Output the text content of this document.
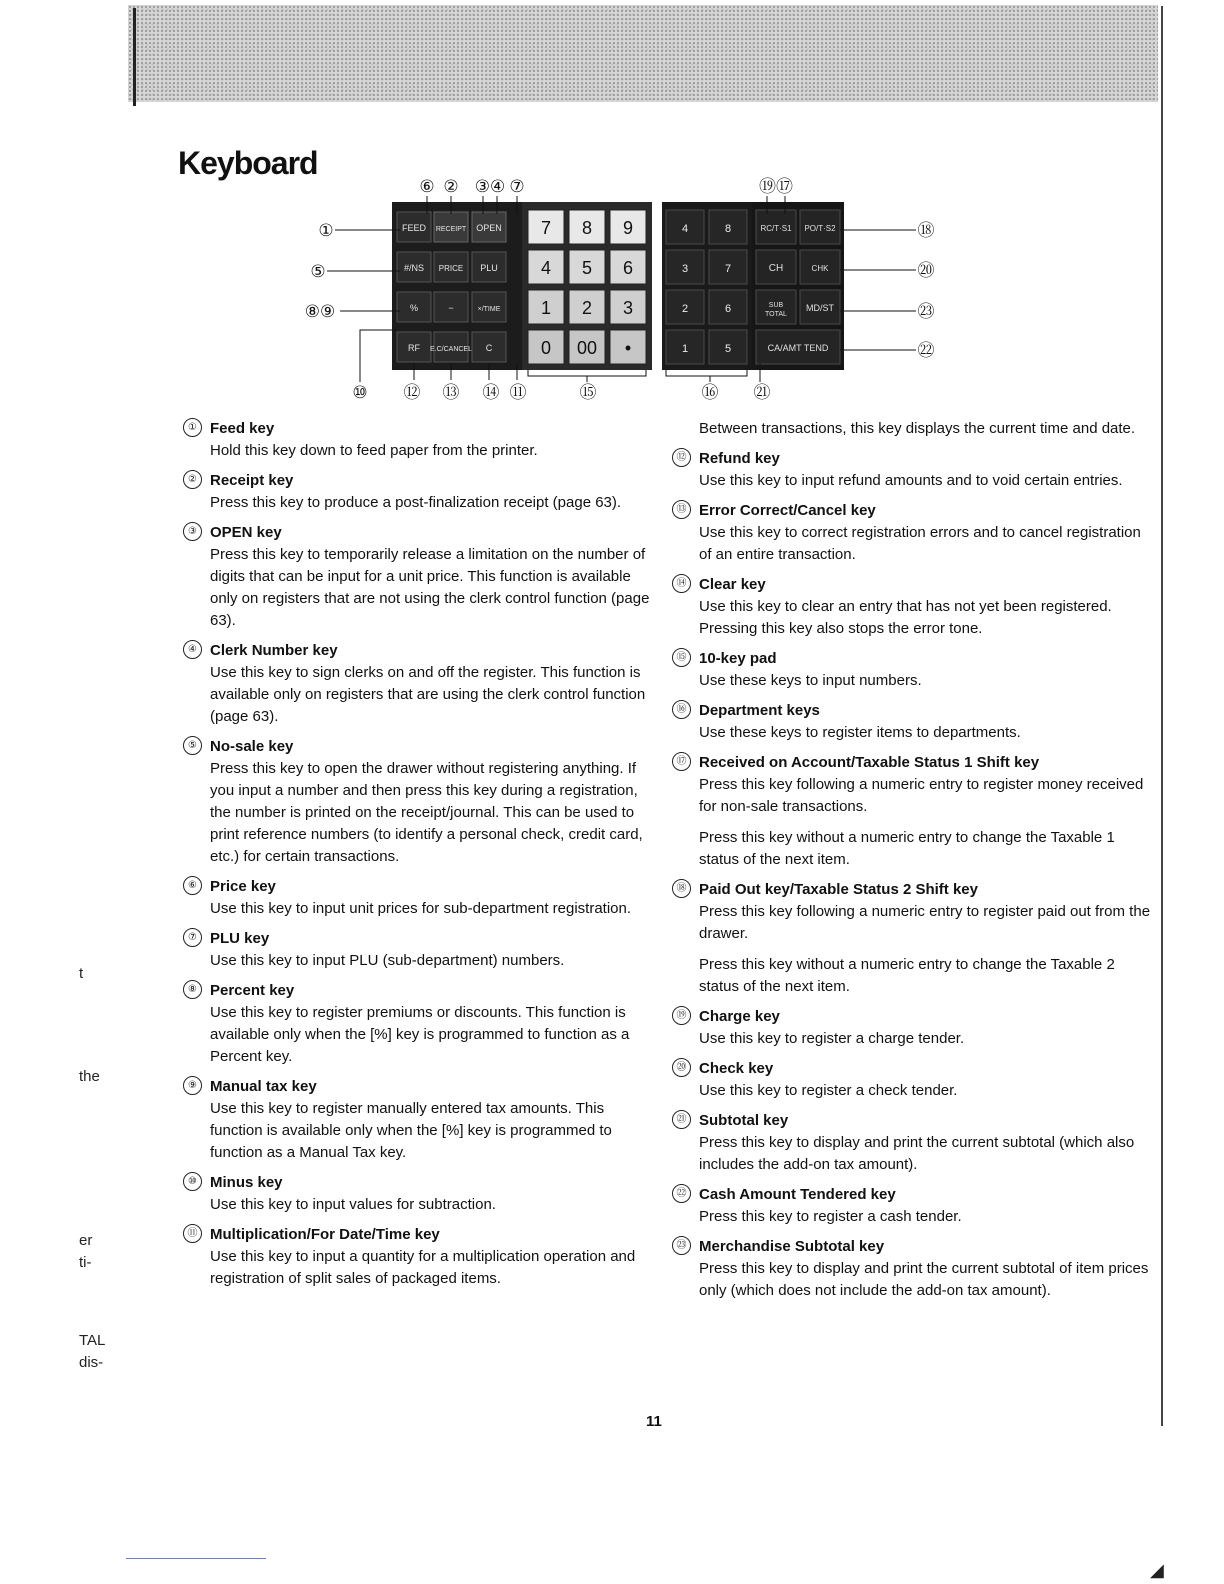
Keyboard
FEED RECEIPT OPEN
#/NS PRICE PLU
%	−	×/TIME
RF E.C/CANCEL C
7 8 9
4 5 6
1 2 3
0 00 •
4	8
3	7
2	6
1	5
RC/T·S1 PO/T·S2
CH	CHK
SUB
TOTAL
MD/ST
CA/AMT TEND
⑥ ② ③④ ⑦	⑲⑰
①
⑤
⑧⑨
⑱
⑳
㉓
㉒
⑩ ⑫ ⑬ ⑭ ⑪	⑮	⑯ ㉑
① Feed key

Hold this key down to feed paper from the printer.

② Receipt key

Press this key to produce a post-finalization receipt (page 63).

③ OPEN key

Press this key to temporarily release a limitation on the number of digits that can be input for a unit price. This function is available only on registers that are not using the clerk control function (page 63).

④ Clerk Number key

Use this key to sign clerks on and off the register. This function is available only on registers that are using the clerk control function (page 63).

⑤ No-sale key

Press this key to open the drawer without registering anything. If you input a number and then press this key during a registration, the number is printed on the receipt/journal. This can be used to print reference numbers (to identify a personal check, credit card, etc.) for certain transactions.

⑥ Price key

Use this key to input unit prices for sub-department registration.

⑦ PLU key

Use this key to input PLU (sub-department) numbers.

⑧ Percent key

Use this key to register premiums or discounts. This function is available only when the [%] key is programmed to function as a Percent key.

⑨ Manual tax key

Use this key to register manually entered tax amounts. This function is available only when the [%] key is programmed to function as a Manual Tax key.

⑩ Minus key

Use this key to input values for subtraction.

⑪ Multiplication/For Date/Time key

Use this key to input a quantity for a multiplication operation and registration of split sales of packaged items.

Between transactions, this key displays the current time and date.

⑫ Refund key

Use this key to input refund amounts and to void certain entries.

⑬ Error Correct/Cancel key

Use this key to correct registration errors and to cancel registration of an entire transaction.

⑭ Clear key

Use this key to clear an entry that has not yet been registered. Pressing this key also stops the error tone.

⑮ 10-key pad

Use these keys to input numbers.

⑯ Department keys

Use these keys to register items to departments.

⑰ Received on Account/Taxable Status 1 Shift key

Press this key following a numeric entry to register money received for non-sale transactions.

Press this key without a numeric entry to change the Taxable 1 status of the next item.

⑱ Paid Out key/Taxable Status 2 Shift key

Press this key following a numeric entry to register paid out from the drawer.

Press this key without a numeric entry to change the Taxable 2 status of the next item.

⑲ Charge key

Use this key to register a charge tender.

⑳ Check key

Use this key to register a check tender.

㉑ Subtotal key

Press this key to display and print the current subtotal (which also includes the add-on tax amount).

㉒ Cash Amount Tendered key

Press this key to register a cash tender.

㉓ Merchandise Subtotal key

Press this key to display and print the current subtotal of item prices only (which does not include the add-on tax amount).

t
the
er
ti-
TAL
dis-
11
◢
